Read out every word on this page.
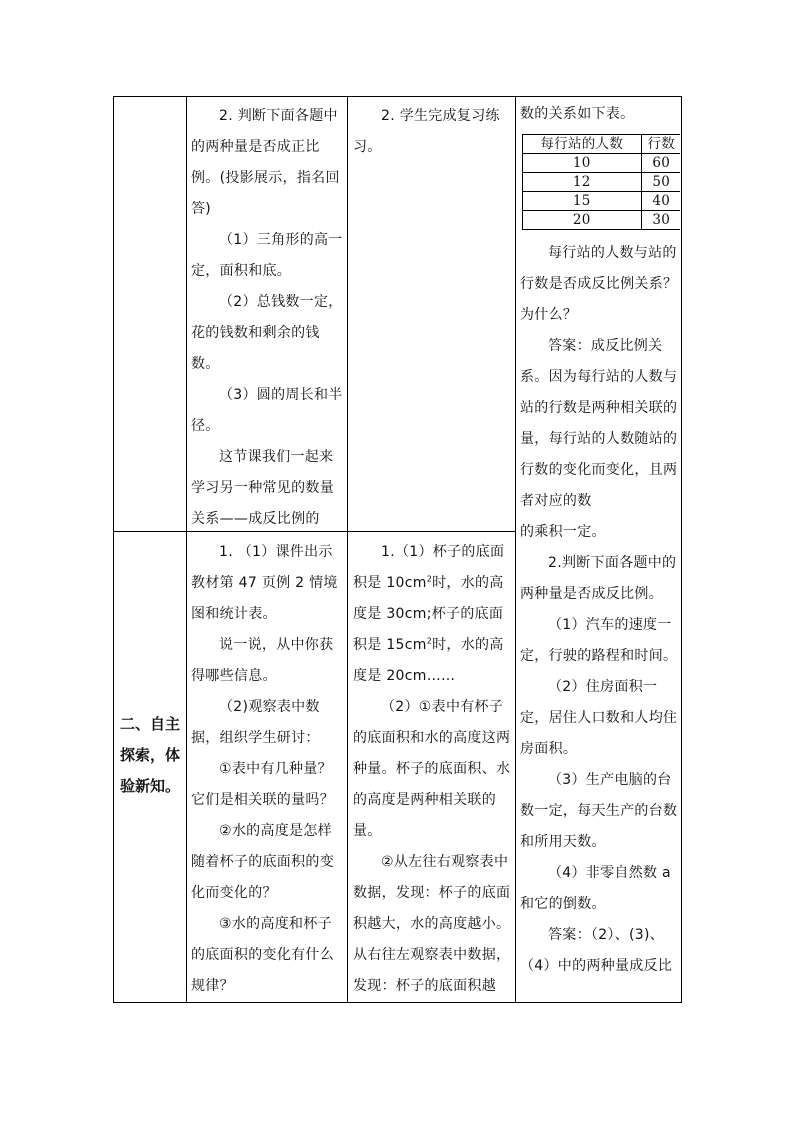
二、自主探索，体验新知。

2. 判断下面各题中的两种量是否成正比例。(投影展示，指名回答)

（1）三角形的高一定，面积和底。

（2）总钱数一定，花的钱数和剩余的钱数。

（3）圆的周长和半径。

这节课我们一起来学习另一种常见的数量关系——成反比例的

2. 学生完成复习练习。

1. （1）课件出示教材第 47 页例 2 情境图和统计表。

说一说，从中你获得哪些信息。

（2)观察表中数据，组织学生研讨：

①表中有几种量？它们是相关联的量吗？

②水的高度是怎样随着杯子的底面积的变化而变化的？

③水的高度和杯子的底面积的变化有什么规律？

1.（1）杯子的底面积是 $10cm^2$时，水的高度是 30cm;杯子的底面积是 $15cm^2$时，水的高度是 20cm……

（2）①表中有杯子的底面积和水的高度这两种量。杯子的底面积、水的高度是两种相关联的量。

②从左往右观察表中数据，发现：杯子的底面积越大，水的高度越小。从右往左观察表中数据，发现：杯子的底面积越

数的关系如下表。

每行站的人数	行数
10	60
12	50
15	40
20	30

每行站的人数与站的行数是否成反比例关系？为什么？

答案：成反比例关系。因为每行站的人数与站的行数是两种相关联的量，每行站的人数随站的行数的变化而变化，且两者对应的数

的乘积一定。

2.判断下面各题中的两种量是否成反比例。

（1）汽车的速度一定，行驶的路程和时间。

（2）住房面积一定，居住人口数和人均住房面积。

（3）生产电脑的台数一定，每天生产的台数和所用天数。

（4）非零自然数 a 和它的倒数。

答案：（2）、(3)、（4）中的两种量成反比
